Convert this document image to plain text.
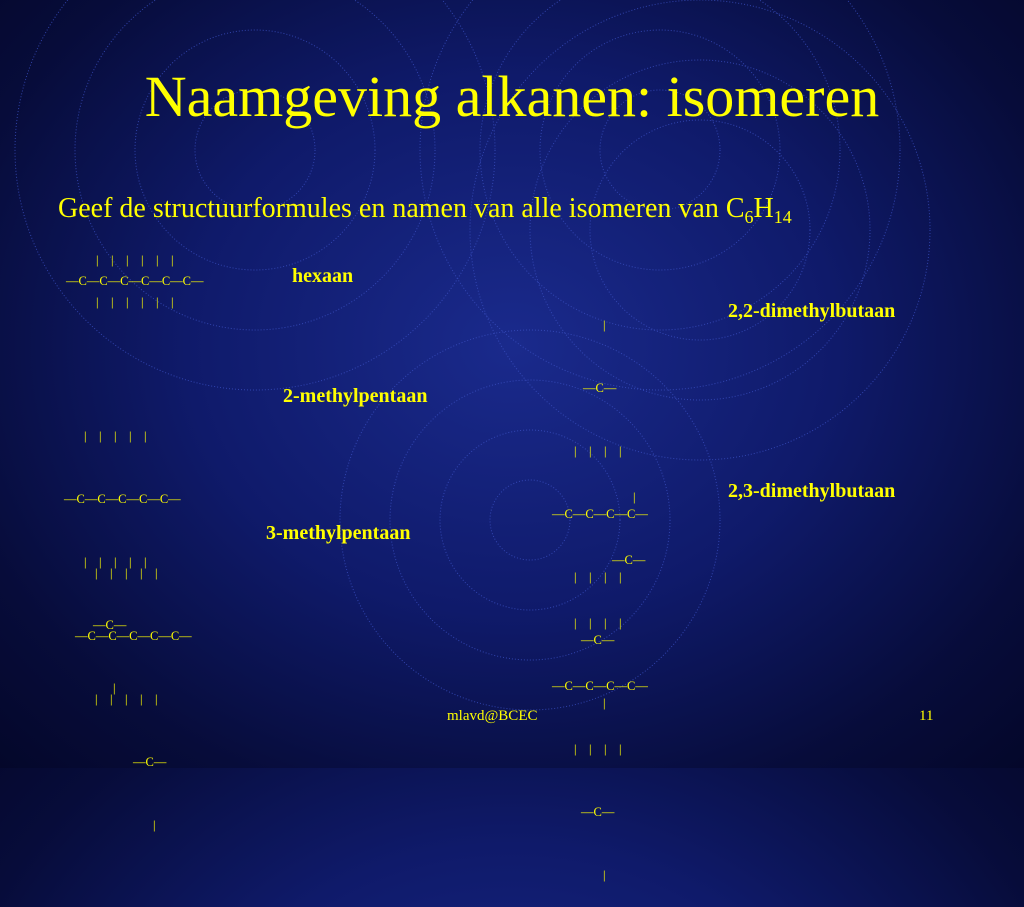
Naamgeving alkanen: isomeren
Geef de structuurformules en namen van alle isomeren van $C_6H_{14}$
|    |    |    |    |    |
—C—C—C—C—C—C—
|    |    |    |    |    |
hexaan

|    |    |    |    |

—C—C—C—C—C—

|    |    |    |    |

—C—

|

2-methylpentaan

|    |    |    |    |

—C—C—C—C—C—

|    |    |    |    |

—C—

|

3-methylpentaan

|

—C—

|    |    |    |

—C—C—C—C—

|    |    |    |

—C—

|

2,2-dimethylbutaan

|

—C—

|    |    |    |

—C—C—C—C—

|    |    |    |

—C—

|

2,3-dimethylbutaan
mlavd@BCEC	11
